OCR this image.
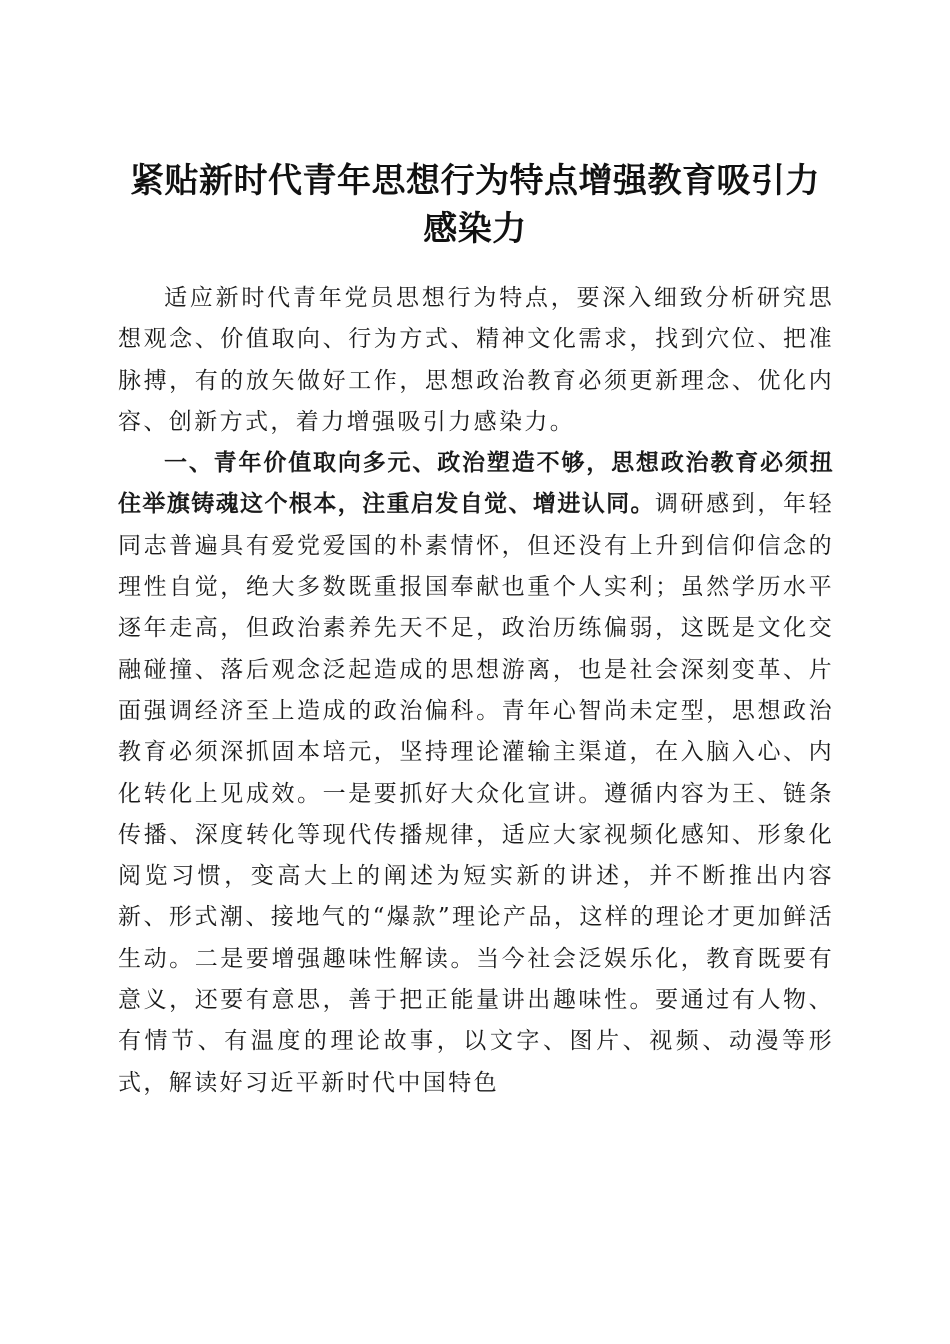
紧贴新时代青年思想行为特点增强教育吸引力
感染力

适应新时代青年党员思想行为特点，要深入细致分析研究思想观念、价值取向、行为方式、精神文化需求，找到穴位、把准脉搏，有的放矢做好工作，思想政治教育必须更新理念、优化内容、创新方式，着力增强吸引力感染力。

一、青年价值取向多元、政治塑造不够，思想政治教育必须扭住举旗铸魂这个根本，注重启发自觉、增进认同。调研感到，年轻同志普遍具有爱党爱国的朴素情怀，但还没有上升到信仰信念的理性自觉，绝大多数既重报国奉献也重个人实利；虽然学历水平逐年走高，但政治素养先天不足，政治历练偏弱，这既是文化交融碰撞、落后观念泛起造成的思想游离，也是社会深刻变革、片面强调经济至上造成的政治偏科。青年心智尚未定型，思想政治教育必须深抓固本培元，坚持理论灌输主渠道，在入脑入心、内化转化上见成效。一是要抓好大众化宣讲。遵循内容为王、链条传播、深度转化等现代传播规律，适应大家视频化感知、形象化阅览习惯，变高大上的阐述为短实新的讲述，并不断推出内容新、形式潮、接地气的“爆款”理论产品，这样的理论才更加鲜活生动。二是要增强趣味性解读。当今社会泛娱乐化，教育既要有意义，还要有意思，善于把正能量讲出趣味性。要通过有人物、有情节、有温度的理论故事，以文字、图片、视频、动漫等形式，解读好习近平新时代中国特色
